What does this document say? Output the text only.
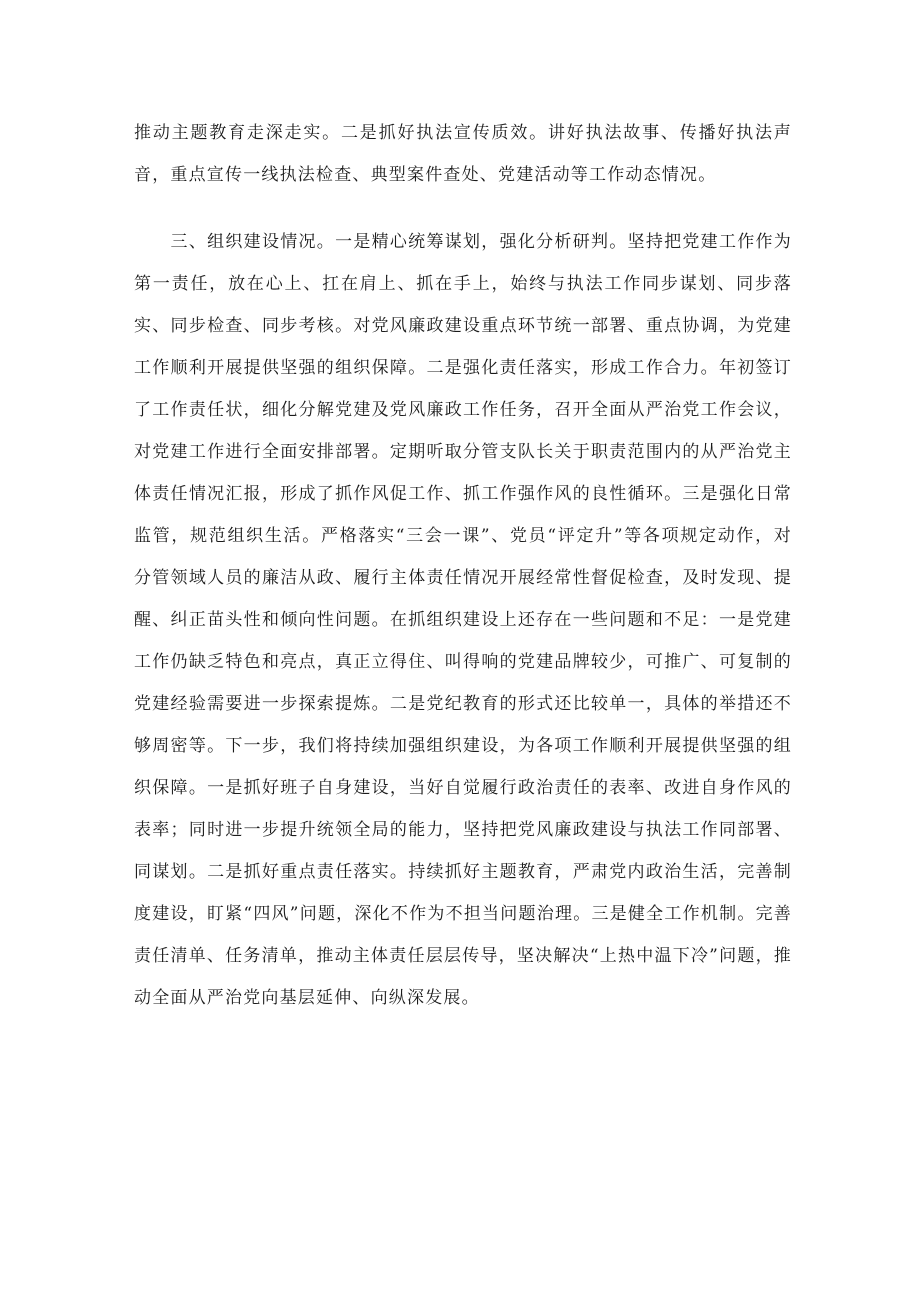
推动主题教育走深走实。二是抓好执法宣传质效。讲好执法故事、传播好执法声音，重点宣传一线执法检查、典型案件查处、党建活动等工作动态情况。

三、组织建设情况。一是精心统筹谋划，强化分析研判。坚持把党建工作作为第一责任，放在心上、扛在肩上、抓在手上，始终与执法工作同步谋划、同步落实、同步检查、同步考核。对党风廉政建设重点环节统一部署、重点协调，为党建工作顺利开展提供坚强的组织保障。二是强化责任落实，形成工作合力。年初签订了工作责任状，细化分解党建及党风廉政工作任务，召开全面从严治党工作会议，对党建工作进行全面安排部署。定期听取分管支队长关于职责范围内的从严治党主体责任情况汇报，形成了抓作风促工作、抓工作强作风的良性循环。三是强化日常监管，规范组织生活。严格落实“三会一课”、党员“评定升”等各项规定动作，对分管领域人员的廉洁从政、履行主体责任情况开展经常性督促检查，及时发现、提醒、纠正苗头性和倾向性问题。在抓组织建设上还存在一些问题和不足：一是党建工作仍缺乏特色和亮点，真正立得住、叫得响的党建品牌较少，可推广、可复制的党建经验需要进一步探索提炼。二是党纪教育的形式还比较单一，具体的举措还不够周密等。下一步，我们将持续加强组织建设，为各项工作顺利开展提供坚强的组织保障。一是抓好班子自身建设，当好自觉履行政治责任的表率、改进自身作风的表率；同时进一步提升统领全局的能力，坚持把党风廉政建设与执法工作同部署、同谋划。二是抓好重点责任落实。持续抓好主题教育，严肃党内政治生活，完善制度建设，盯紧“四风”问题，深化不作为不担当问题治理。三是健全工作机制。完善责任清单、任务清单，推动主体责任层层传导，坚决解决“上热中温下冷”问题，推动全面从严治党向基层延伸、向纵深发展。
